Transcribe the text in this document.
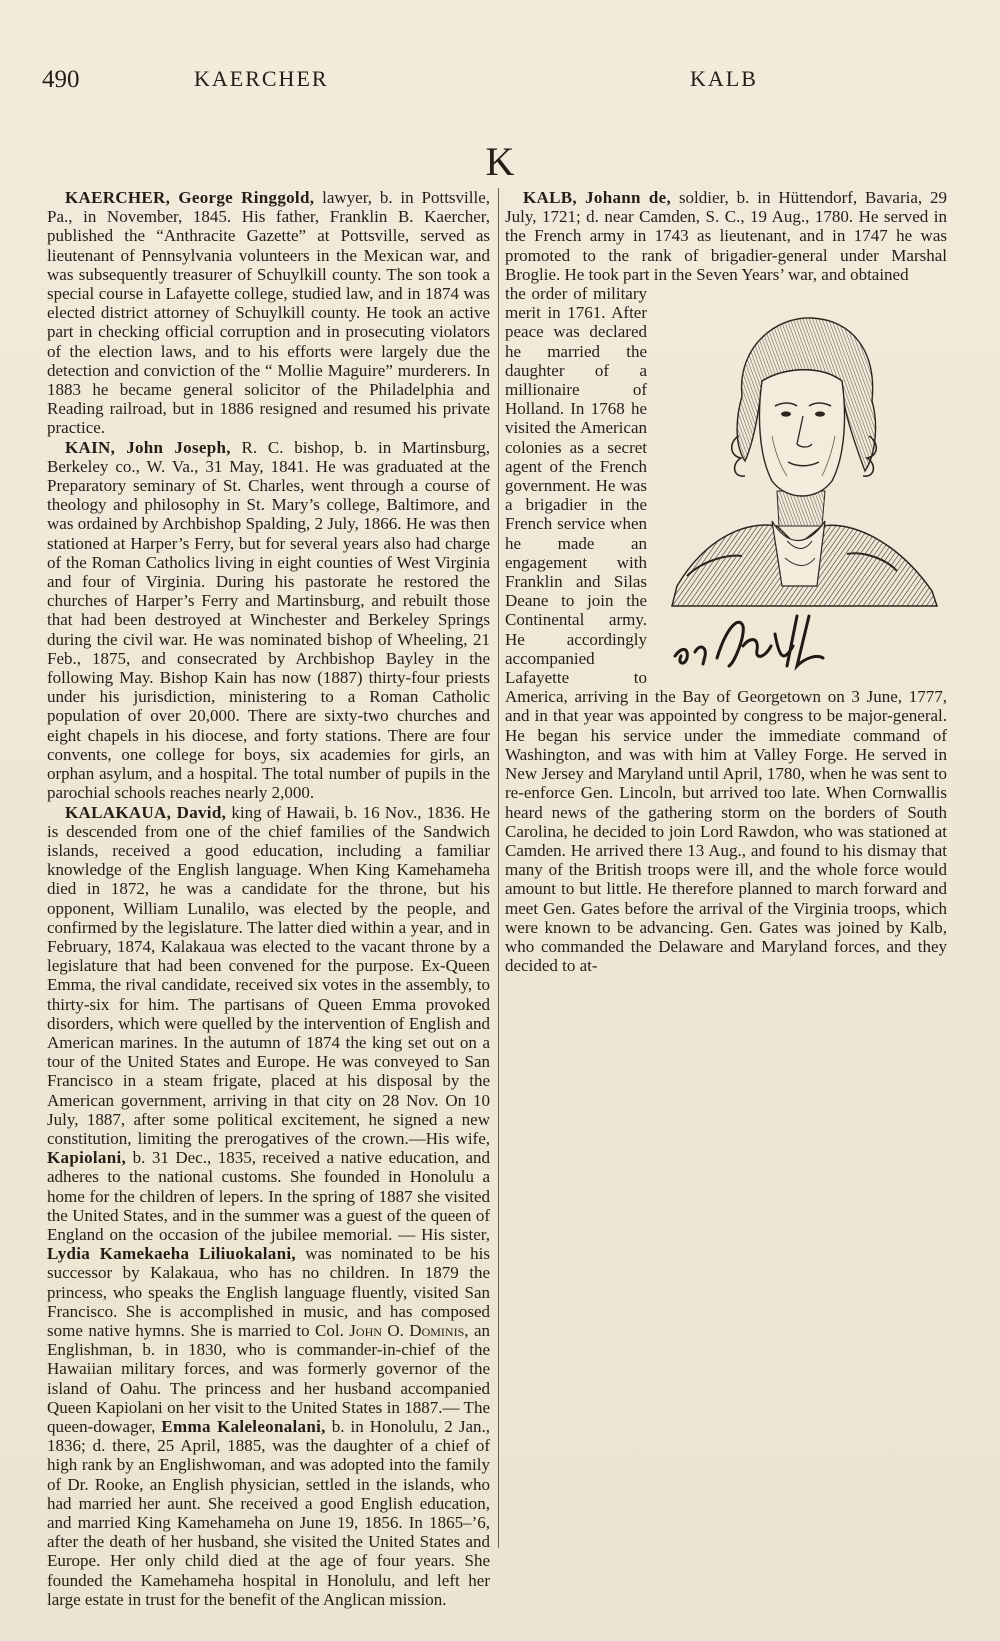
490	KAERCHER	KALB
K

KAERCHER, George Ringgold, lawyer, b. in Pottsville, Pa., in November, 1845. His father, Franklin B. Kaercher, published the “Anthracite Gazette” at Pottsville, served as lieutenant of Pennsylvania volunteers in the Mexican war, and was subsequently treasurer of Schuylkill county. The son took a special course in Lafayette college, studied law, and in 1874 was elected district attorney of Schuylkill county. He took an active part in checking official corruption and in prosecuting violators of the election laws, and to his efforts were largely due the detection and conviction of the “ Mollie Maguire” murderers. In 1883 he became general solicitor of the Philadelphia and Reading railroad, but in 1886 resigned and resumed his private practice.

KAIN, John Joseph, R. C. bishop, b. in Martinsburg, Berkeley co., W. Va., 31 May, 1841. He was graduated at the Preparatory seminary of St. Charles, went through a course of theology and philosophy in St. Mary’s college, Baltimore, and was ordained by Archbishop Spalding, 2 July, 1866. He was then stationed at Harper’s Ferry, but for several years also had charge of the Roman Catholics living in eight counties of West Virginia and four of Virginia. During his pastorate he restored the churches of Harper’s Ferry and Martinsburg, and rebuilt those that had been destroyed at Winchester and Berkeley Springs during the civil war. He was nominated bishop of Wheeling, 21 Feb., 1875, and consecrated by Archbishop Bayley in the following May. Bishop Kain has now (1887) thirty-four priests under his jurisdiction, ministering to a Roman Catholic population of over 20,000. There are sixty-two churches and eight chapels in his diocese, and forty stations. There are four convents, one college for boys, six academies for girls, an orphan asylum, and a hospital. The total number of pupils in the parochial schools reaches nearly 2,000.

KALAKAUA, David, king of Hawaii, b. 16 Nov., 1836. He is descended from one of the chief families of the Sandwich islands, received a good education, including a familiar knowledge of the English language. When King Kamehameha died in 1872, he was a candidate for the throne, but his opponent, William Lunalilo, was elected by the people, and confirmed by the legislature. The latter died within a year, and in February, 1874, Kalakaua was elected to the vacant throne by a legislature that had been convened for the purpose. Ex-Queen Emma, the rival candidate, received six votes in the assembly, to thirty-six for him. The partisans of Queen Emma provoked disorders, which were quelled by the intervention of English and American marines. In the autumn of 1874 the king set out on a tour of the United States and Europe. He was conveyed to San Francisco in a steam frigate, placed at his disposal by the American government, arriving in that city on 28 Nov. On 10 July, 1887, after some political excitement, he signed a new constitution, limiting the prerogatives of the crown.—His wife, Kapiolani, b. 31 Dec., 1835, received a native education, and adheres to the national customs. She founded in Honolulu a home for the children of lepers. In the spring of 1887 she visited the United States, and in the summer was a guest of the queen of England on the occasion of the jubilee memorial. — His sister, Lydia Kamekaeha Liliuokalani, was nominated to be his successor by Kalakaua, who has no children. In 1879 the princess, who speaks the English language fluently, visited San Francisco. She is accomplished in music, and has composed some native hymns. She is married to Col. John O. Dominis, an Englishman, b. in 1830, who is commander-in-chief of the Hawaiian military forces, and was formerly governor of the island of Oahu. The princess and her husband accompanied Queen Kapiolani on her visit to the United States in 1887.— The queen-dowager, Emma Kaleleonalani, b. in Honolulu, 2 Jan., 1836; d. there, 25 April, 1885, was the daughter of a chief of high rank by an Englishwoman, and was adopted into the family of Dr. Rooke, an English physician, settled in the islands, who had married her aunt. She received a good English education, and married King Kamehameha on June 19, 1856. In 1865–’6, after the death of her husband, she visited the United States and Europe. Her only child died at the age of four years. She founded the Kamehameha hospital in Honolulu, and left her large estate in trust for the benefit of the Anglican mission.

KALB, Johann de, soldier, b. in Hüttendorf, Bavaria, 29 July, 1721; d. near Camden, S. C., 19 Aug., 1780. He served in the French army in 1743 as lieutenant, and in 1747 he was promoted to the rank of brigadier-general under Marshal Broglie. He took part in the Seven Years’ war, and obtained

the order of military merit in 1761. After peace was declared he married the daughter of a millionaire of Holland. In 1768 he visited the American colonies as a secret agent of the French government. He was a brigadier in the French service when he made an engagement with Franklin and Silas Deane to join the Continental army. He accordingly accompanied Lafayette to America, arriving in the Bay of Georgetown on 3 June, 1777, and in that year was appointed by congress to be major-general. He began his service under the immediate command of Washington, and was with him at Valley Forge. He served in New Jersey and Maryland until April, 1780, when he was sent to re-enforce Gen. Lincoln, but arrived too late. When Cornwallis heard news of the gathering storm on the borders of South Carolina, he decided to join Lord Rawdon, who was stationed at Camden. He arrived there 13 Aug., and found to his dismay that many of the British troops were ill, and the whole force would amount to but little. He therefore planned to march forward and meet Gen. Gates before the arrival of the Virginia troops, which were known to be advancing. Gen. Gates was joined by Kalb, who commanded the Delaware and Maryland forces, and they decided to at-
